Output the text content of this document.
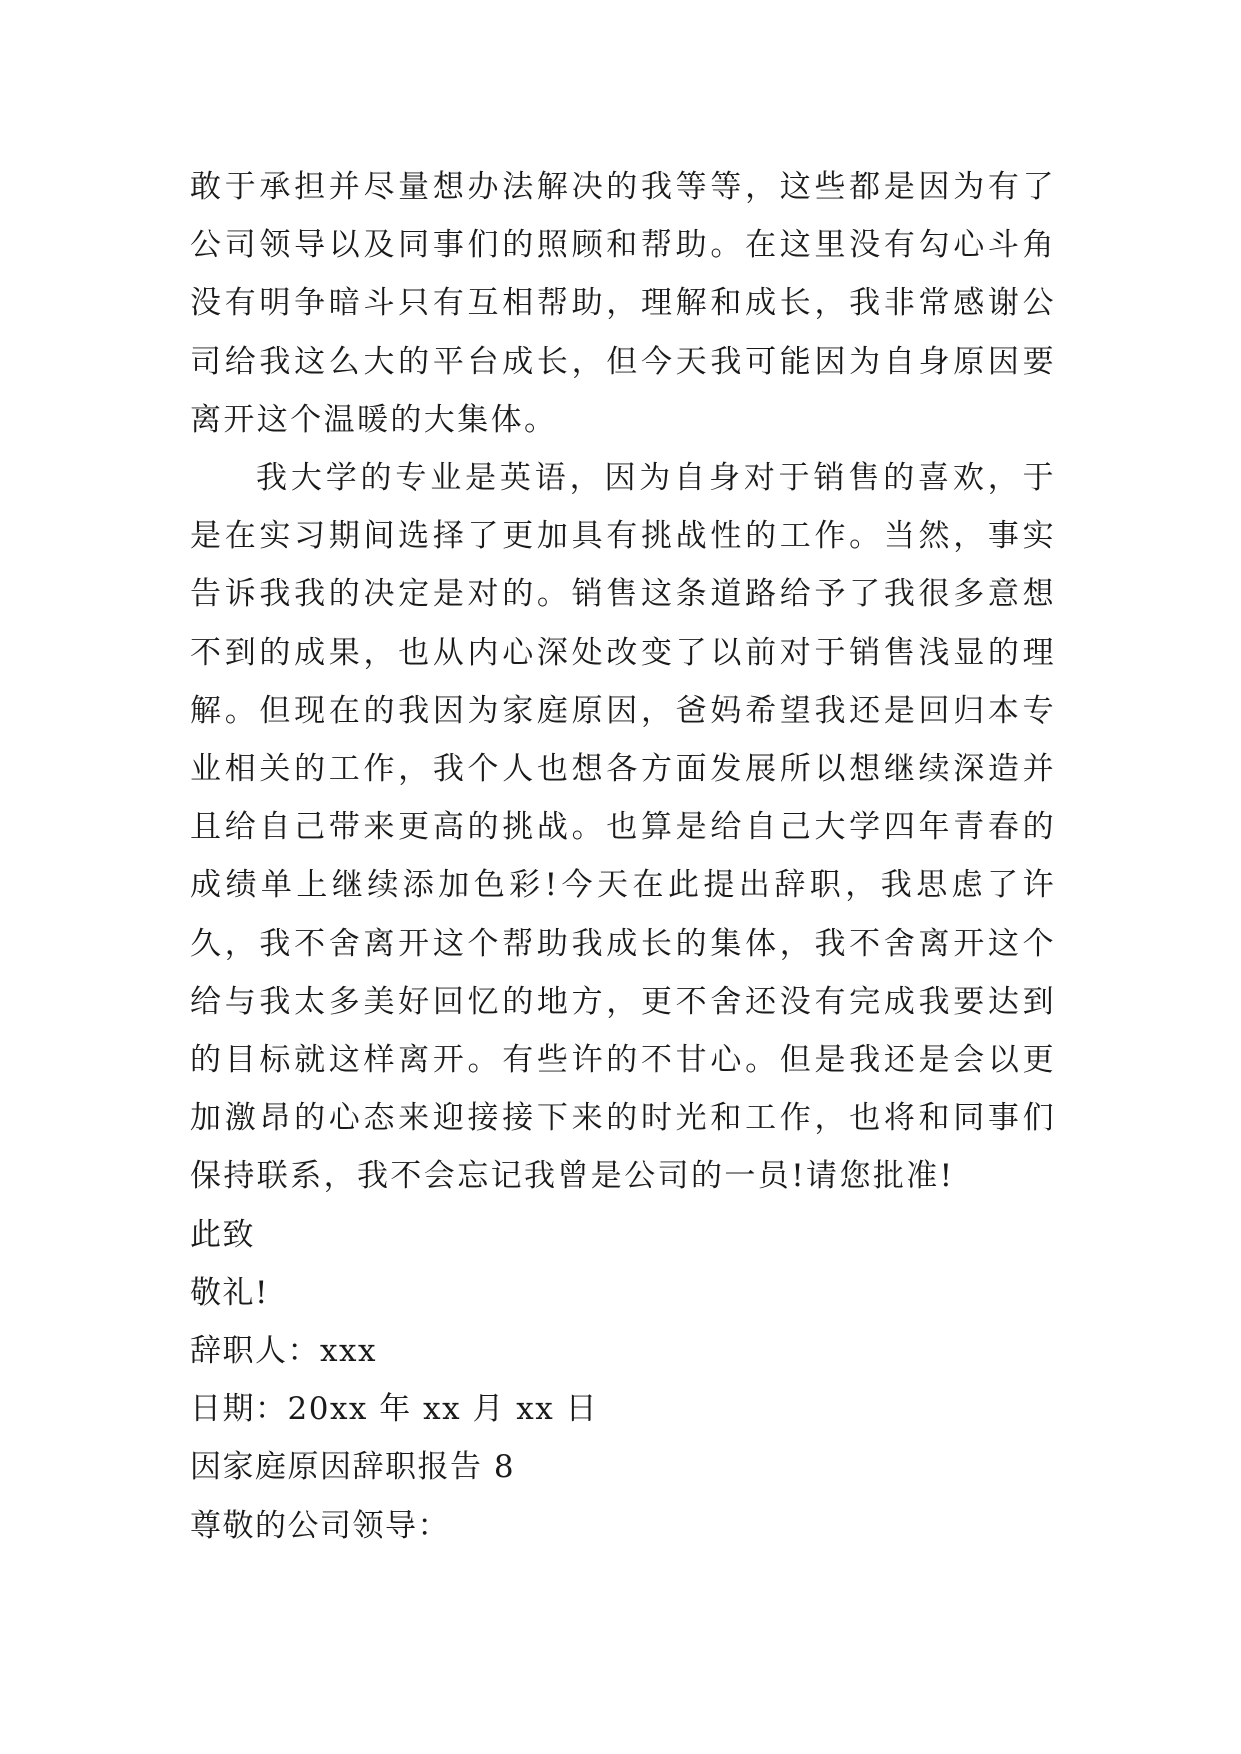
敢于承担并尽量想办法解决的我等等，这些都是因为有了公司领导以及同事们的照顾和帮助。在这里没有勾心斗角没有明争暗斗只有互相帮助，理解和成长，我非常感谢公司给我这么大的平台成长，但今天我可能因为自身原因要离开这个温暖的大集体。

我大学的专业是英语，因为自身对于销售的喜欢，于是在实习期间选择了更加具有挑战性的工作。当然，事实告诉我我的决定是对的。销售这条道路给予了我很多意想不到的成果，也从内心深处改变了以前对于销售浅显的理解。但现在的我因为家庭原因，爸妈希望我还是回归本专业相关的工作，我个人也想各方面发展所以想继续深造并且给自己带来更高的挑战。也算是给自己大学四年青春的成绩单上继续添加色彩!今天在此提出辞职，我思虑了许久，我不舍离开这个帮助我成长的集体，我不舍离开这个给与我太多美好回忆的地方，更不舍还没有完成我要达到的目标就这样离开。有些许的不甘心。但是我还是会以更加激昂的心态来迎接接下来的时光和工作，也将和同事们保持联系，我不会忘记我曾是公司的一员!请您批准!

此致

敬礼!

辞职人：xxx

日期：20xx 年 xx 月 xx 日

因家庭原因辞职报告 8

尊敬的公司领导：
